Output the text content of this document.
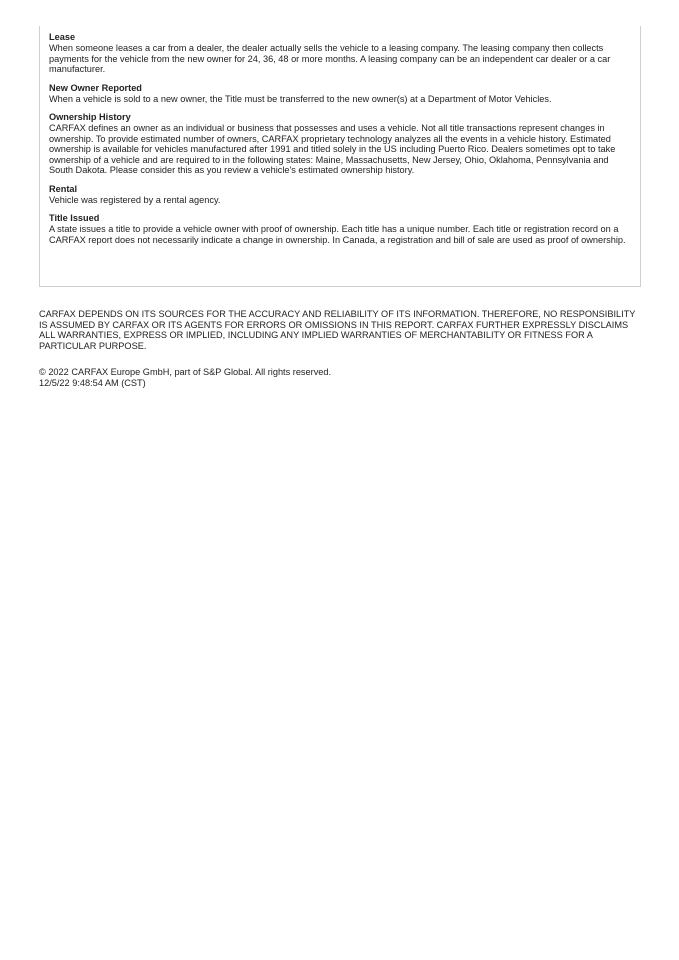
Lease
When someone leases a car from a dealer, the dealer actually sells the vehicle to a leasing company. The leasing company then collects payments for the vehicle from the new owner for 24, 36, 48 or more months. A leasing company can be an independent car dealer or a car manufacturer.
New Owner Reported
When a vehicle is sold to a new owner, the Title must be transferred to the new owner(s) at a Department of Motor Vehicles.
Ownership History
CARFAX defines an owner as an individual or business that possesses and uses a vehicle. Not all title transactions represent changes in ownership. To provide estimated number of owners, CARFAX proprietary technology analyzes all the events in a vehicle history. Estimated ownership is available for vehicles manufactured after 1991 and titled solely in the US including Puerto Rico. Dealers sometimes opt to take ownership of a vehicle and are required to in the following states: Maine, Massachusetts, New Jersey, Ohio, Oklahoma, Pennsylvania and South Dakota. Please consider this as you review a vehicle's estimated ownership history.
Rental
Vehicle was registered by a rental agency.
Title Issued
A state issues a title to provide a vehicle owner with proof of ownership. Each title has a unique number. Each title or registration record on a CARFAX report does not necessarily indicate a change in ownership. In Canada, a registration and bill of sale are used as proof of ownership.

CARFAX DEPENDS ON ITS SOURCES FOR THE ACCURACY AND RELIABILITY OF ITS INFORMATION. THEREFORE, NO RESPONSIBILITY IS ASSUMED BY CARFAX OR ITS AGENTS FOR ERRORS OR OMISSIONS IN THIS REPORT. CARFAX FURTHER EXPRESSLY DISCLAIMS ALL WARRANTIES, EXPRESS OR IMPLIED, INCLUDING ANY IMPLIED WARRANTIES OF MERCHANTABILITY OR FITNESS FOR A PARTICULAR PURPOSE.

© 2022 CARFAX Europe GmbH, part of S&P Global. All rights reserved.
12/5/22 9:48:54 AM (CST)
